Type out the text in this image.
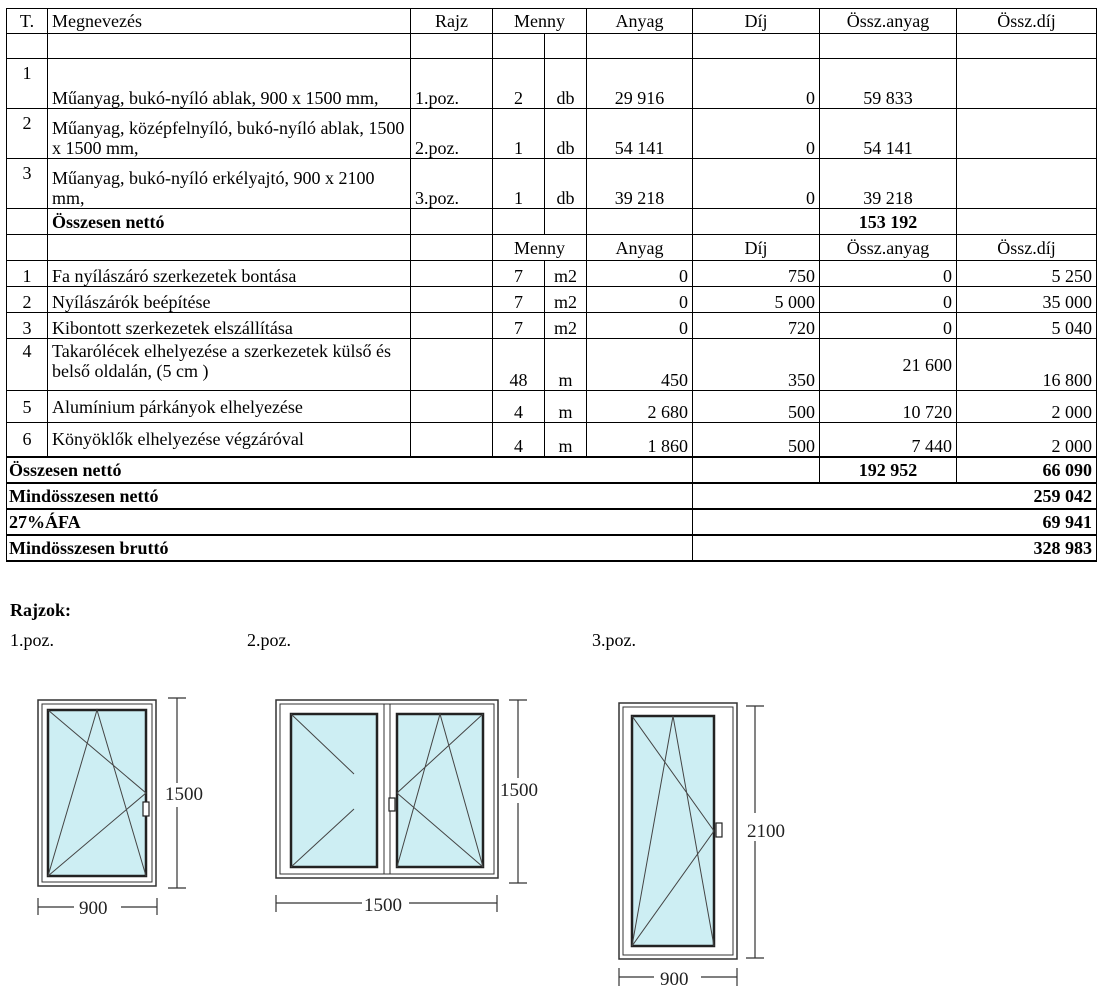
T.	Megnevezés	Rajz	Menny		Anyag	Díj	Össz.anyag	Össz.díj

1	Műanyag, bukó-nyíló ablak, 900 x 1500 mm,	1.poz.	2	db	29 916	0	59 833	
2	Műanyag, középfelnyíló, bukó-nyíló ablak, 1500 x 1500 mm,	2.poz.	1	db	54 141	0	54 141	
3	Műanyag, bukó-nyíló erkélyajtó, 900 x 2100 mm,	3.poz.	1	db	39 218	0	39 218	
	Összesen nettó						153 192	
			Menny		Anyag	Díj	Össz.anyag	Össz.díj
1	Fa nyílászáró szerkezetek bontása		7	m2	0	750	0	5 250
2	Nyílászárók beépítése		7	m2	0	5 000	0	35 000
3	Kibontott szerkezetek elszállítása		7	m2	0	720	0	5 040
4	Takarólécek elhelyezése a szerkezetek külső és belső oldalán, (5 cm )		48	m	450	350	21 600	16 800
5	Alumínium párkányok elhelyezése		4	m	2 680	500	10 720	2 000
6	Könyöklők elhelyezése végzáróval		4	m	1 860	500	7 440	2 000
Összesen nettó							192 952	66 090
Mindösszesen nettó						259 042		
27%ÁFA						69 941		
Mindösszesen bruttó						328 983		
Rajzok:
1.poz.	2.poz.	3.poz.
1500
900
1500
1500
2100
900
